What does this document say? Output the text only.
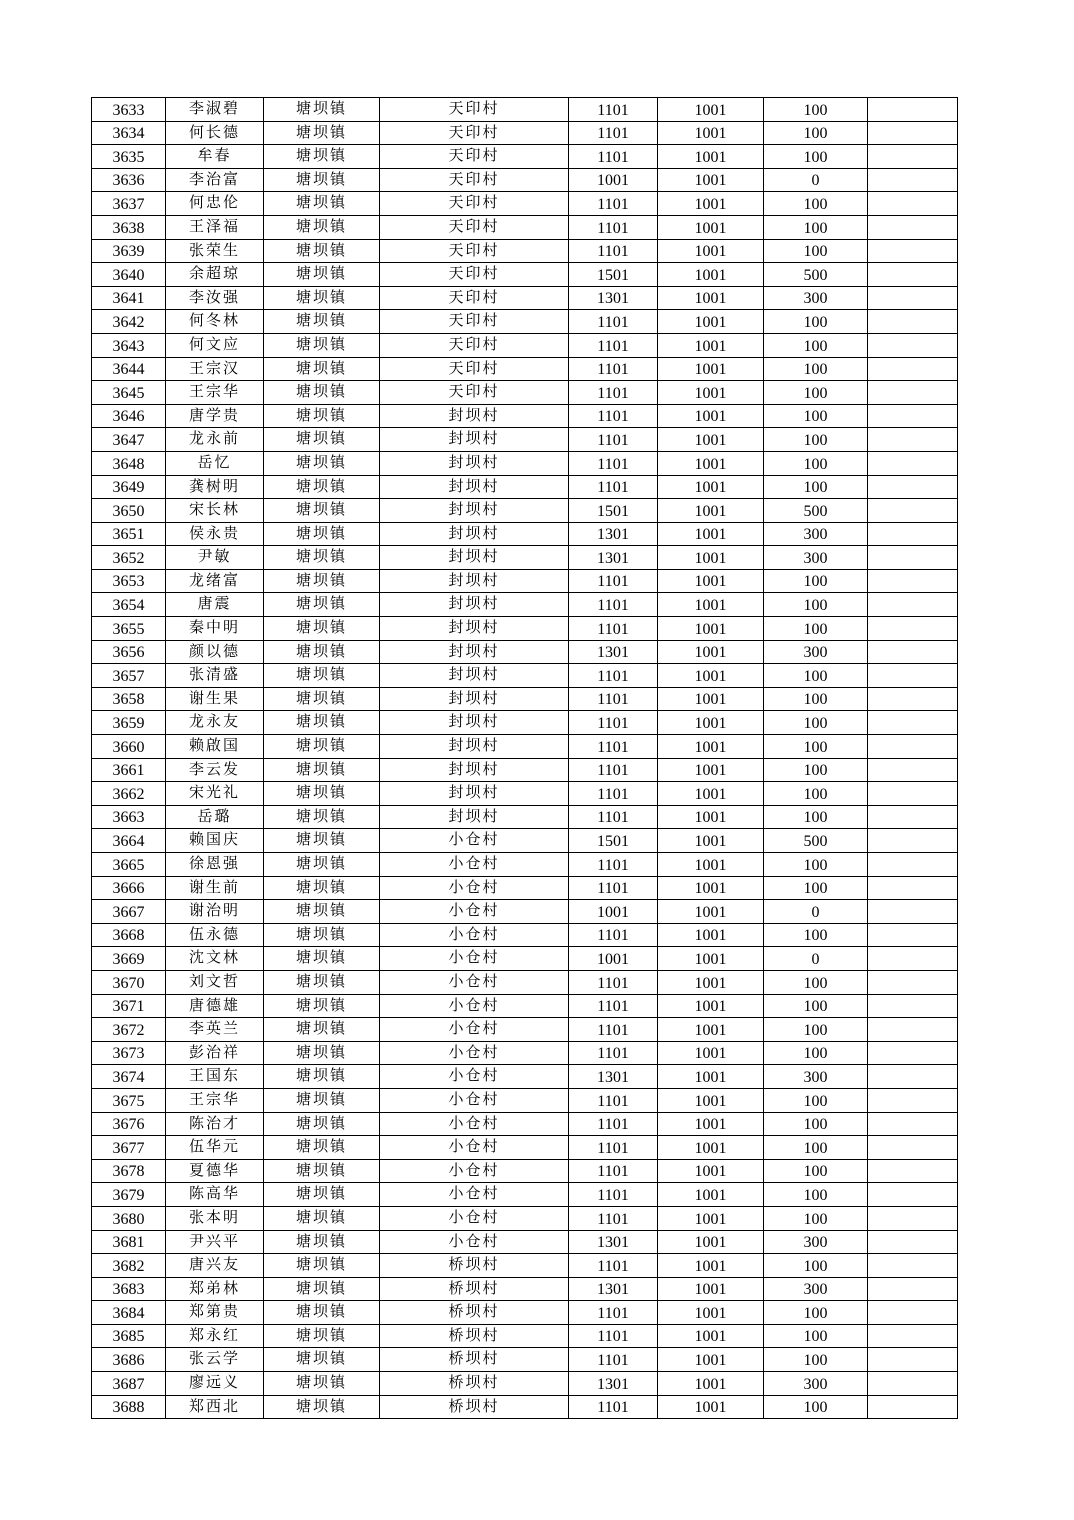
3633	李淑碧	塘坝镇	天印村	1101	1001	100	
3634	何长德	塘坝镇	天印村	1101	1001	100	
3635	牟春	塘坝镇	天印村	1101	1001	100	
3636	李治富	塘坝镇	天印村	1001	1001	0	
3637	何忠伦	塘坝镇	天印村	1101	1001	100	
3638	王泽福	塘坝镇	天印村	1101	1001	100	
3639	张荣生	塘坝镇	天印村	1101	1001	100	
3640	余超琼	塘坝镇	天印村	1501	1001	500	
3641	李汝强	塘坝镇	天印村	1301	1001	300	
3642	何冬林	塘坝镇	天印村	1101	1001	100	
3643	何文应	塘坝镇	天印村	1101	1001	100	
3644	王宗汉	塘坝镇	天印村	1101	1001	100	
3645	王宗华	塘坝镇	天印村	1101	1001	100	
3646	唐学贵	塘坝镇	封坝村	1101	1001	100	
3647	龙永前	塘坝镇	封坝村	1101	1001	100	
3648	岳忆	塘坝镇	封坝村	1101	1001	100	
3649	龚树明	塘坝镇	封坝村	1101	1001	100	
3650	宋长林	塘坝镇	封坝村	1501	1001	500	
3651	侯永贵	塘坝镇	封坝村	1301	1001	300	
3652	尹敏	塘坝镇	封坝村	1301	1001	300	
3653	龙绪富	塘坝镇	封坝村	1101	1001	100	
3654	唐震	塘坝镇	封坝村	1101	1001	100	
3655	秦中明	塘坝镇	封坝村	1101	1001	100	
3656	颜以德	塘坝镇	封坝村	1301	1001	300	
3657	张清盛	塘坝镇	封坝村	1101	1001	100	
3658	谢生果	塘坝镇	封坝村	1101	1001	100	
3659	龙永友	塘坝镇	封坝村	1101	1001	100	
3660	赖啟国	塘坝镇	封坝村	1101	1001	100	
3661	李云发	塘坝镇	封坝村	1101	1001	100	
3662	宋光礼	塘坝镇	封坝村	1101	1001	100	
3663	岳璐	塘坝镇	封坝村	1101	1001	100	
3664	赖国庆	塘坝镇	小仓村	1501	1001	500	
3665	徐恩强	塘坝镇	小仓村	1101	1001	100	
3666	谢生前	塘坝镇	小仓村	1101	1001	100	
3667	谢治明	塘坝镇	小仓村	1001	1001	0	
3668	伍永德	塘坝镇	小仓村	1101	1001	100	
3669	沈文林	塘坝镇	小仓村	1001	1001	0	
3670	刘文哲	塘坝镇	小仓村	1101	1001	100	
3671	唐德雄	塘坝镇	小仓村	1101	1001	100	
3672	李英兰	塘坝镇	小仓村	1101	1001	100	
3673	彭治祥	塘坝镇	小仓村	1101	1001	100	
3674	王国东	塘坝镇	小仓村	1301	1001	300	
3675	王宗华	塘坝镇	小仓村	1101	1001	100	
3676	陈治才	塘坝镇	小仓村	1101	1001	100	
3677	伍华元	塘坝镇	小仓村	1101	1001	100	
3678	夏德华	塘坝镇	小仓村	1101	1001	100	
3679	陈高华	塘坝镇	小仓村	1101	1001	100	
3680	张本明	塘坝镇	小仓村	1101	1001	100	
3681	尹兴平	塘坝镇	小仓村	1301	1001	300	
3682	唐兴友	塘坝镇	桥坝村	1101	1001	100	
3683	郑弟林	塘坝镇	桥坝村	1301	1001	300	
3684	郑第贵	塘坝镇	桥坝村	1101	1001	100	
3685	郑永红	塘坝镇	桥坝村	1101	1001	100	
3686	张云学	塘坝镇	桥坝村	1101	1001	100	
3687	廖远义	塘坝镇	桥坝村	1301	1001	300	
3688	郑西北	塘坝镇	桥坝村	1101	1001	100	
